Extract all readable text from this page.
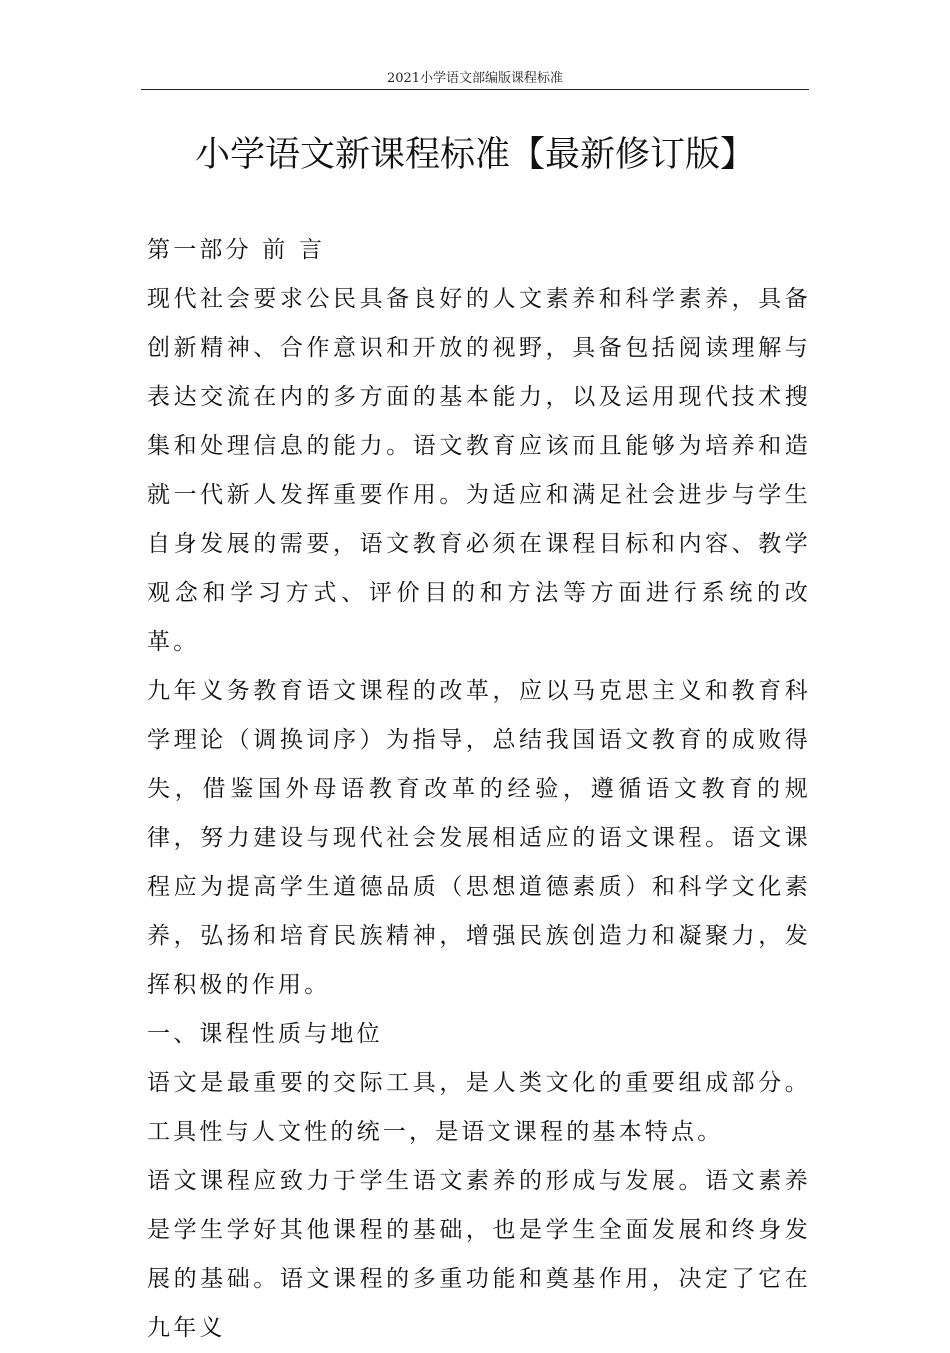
2021小学语文部编版课程标准
小学语文新课程标准【最新修订版】

第一部分 前 言

现代社会要求公民具备良好的人文素养和科学素养，具备创新精神、合作意识和开放的视野，具备包括阅读理解与表达交流在内的多方面的基本能力，以及运用现代技术搜集和处理信息的能力。语文教育应该而且能够为培养和造就一代新人发挥重要作用。为适应和满足社会进步与学生自身发展的需要，语文教育必须在课程目标和内容、教学观念和学习方式、评价目的和方法等方面进行系统的改革。

九年义务教育语文课程的改革，应以马克思主义和教育科学理论（调换词序）为指导，总结我国语文教育的成败得失，借鉴国外母语教育改革的经验，遵循语文教育的规律，努力建设与现代社会发展相适应的语文课程。语文课程应为提高学生道德品质（思想道德素质）和科学文化素养，弘扬和培育民族精神，增强民族创造力和凝聚力，发挥积极的作用。

一、课程性质与地位

语文是最重要的交际工具，是人类文化的重要组成部分。工具性与人文性的统一，是语文课程的基本特点。

语文课程应致力于学生语文素养的形成与发展。语文素养是学生学好其他课程的基础，也是学生全面发展和终身发展的基础。语文课程的多重功能和奠基作用，决定了它在九年义
